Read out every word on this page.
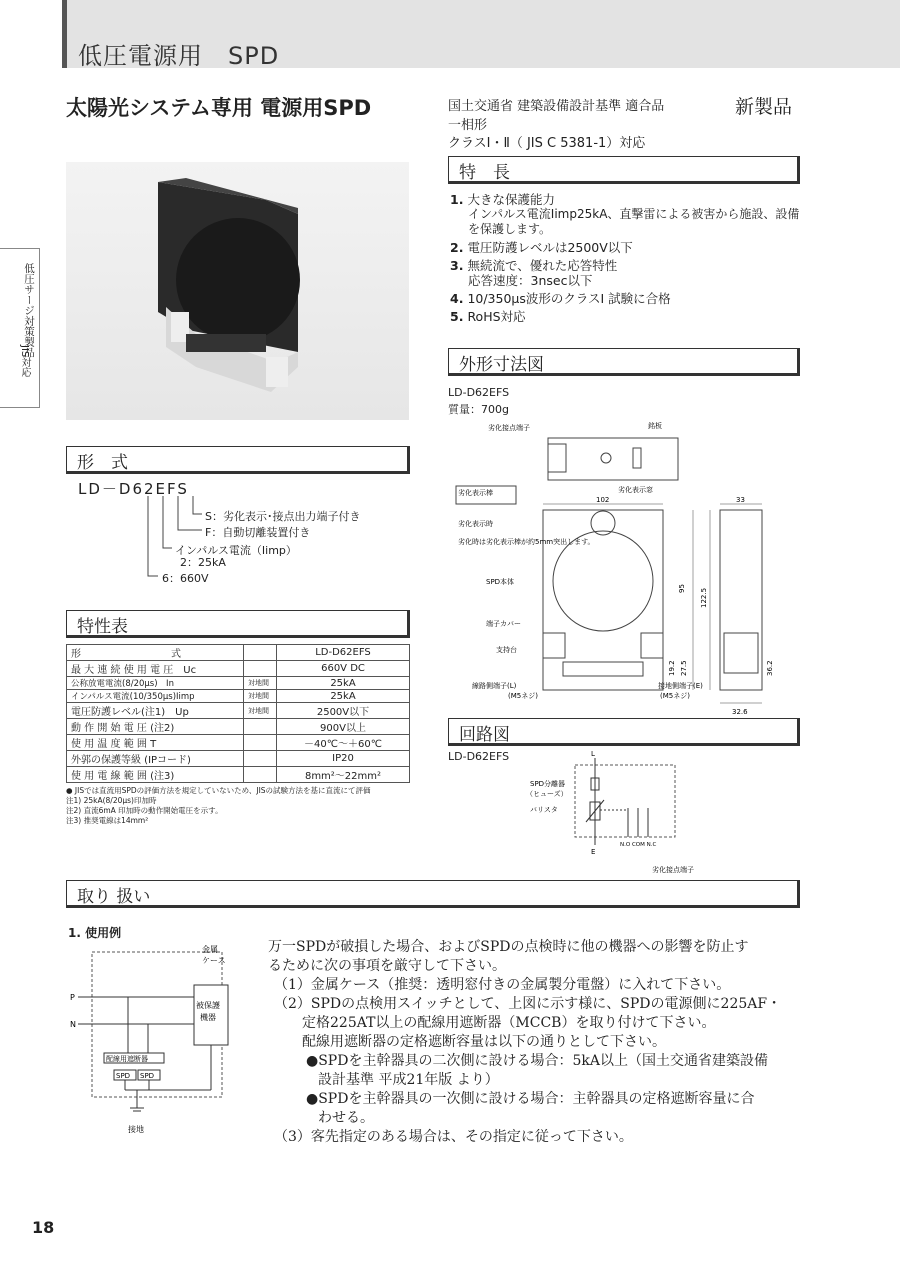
低圧電源用　SPD
低圧サージ対策製品
JIS対応
太陽光システム専用 電源用SPD	国土交通省 建築設備設計基準 適合品	新製品
一相形
クラスⅠ・Ⅱ（ JIS C 5381-1）対応
特　長
1. 大きな保護能力
インパルス電流Iimp25kA、直撃雷による被害から施設、設備を保護します。
2. 電圧防護レベルは2500V以下
3. 無続流で、優れた応答特性
応答速度：3nsec以下
4. 10/350μs波形のクラスⅠ 試験に合格
5. RoHS対応
外形寸法図
LD-D62EFS
質量：700g
劣化接点端子	銘板
劣化表示窓
劣化表示棒
劣化表示時
劣化時は劣化表示棒が約5mm突出します。
SPD本体
端子カバー
支持台
線路側端子(L)
(M5ネジ)
接地側端子(E)
(M5ネジ)
102	33
95 122.5
19.2 27.5	36.2
32.6
形　式
LD－D62EFS
S：劣化表示･接点出力端子付き
F：自動切離装置付き
インパルス電流（Iimp）
2：25kA
6：660V
特性表
形　　　　　　　　　式		LD-D62EFS
最 大 連 続 使 用 電 圧　Uc		660V DC
公称放電電流(8/20μs)　In	対地間	25kA
インパルス電流(10/350μs)Iimp	対地間	25kA
電圧防護レベル(注1)　Up	対地間	2500V以下
動 作 開 始 電 圧 (注2)		900V以上
使 用 温 度 範 囲 T		－40℃～＋60℃
外郭の保護等級 (IPコード)		IP20
使 用 電 線 範 囲 (注3)		8mm²～22mm²
● JISでは直流用SPDの評価方法を規定していないため、JISの試験方法を基に直流にて評価
注1) 25kA(8/20μs)印加時
注2) 直流6mA 印加時の動作開始電圧を示す。
注3) 推奨電線は14mm²
回路図
LD-D62EFS	L
E
SPD分離器
（ヒューズ）
バリスタ
N.O COM N.C
劣化接点端子
取り 扱い
1. 使用例
金属
ケース
P
N
被保護
機器
配線用遮断器
SPD SPD
接地
万一SPDが破損した場合、およびSPDの点検時に他の機器への影響を防止す
るために次の事項を厳守して下さい。
（1）金属ケース（推奨：透明窓付きの金属製分電盤）に入れて下さい。
（2）SPDの点検用スイッチとして、上図に示す様に、SPDの電源側に225AF・
定格225AT以上の配線用遮断器（MCCB）を取り付けて下さい。
配線用遮断器の定格遮断容量は以下の通りとして下さい。
●SPDを主幹器具の二次側に設ける場合：5kA以上（国土交通省建築設備
設計基準 平成21年版 より）
●SPDを主幹器具の一次側に設ける場合：主幹器具の定格遮断容量に合
わせる。
（3）客先指定のある場合は、その指定に従って下さい。
18
